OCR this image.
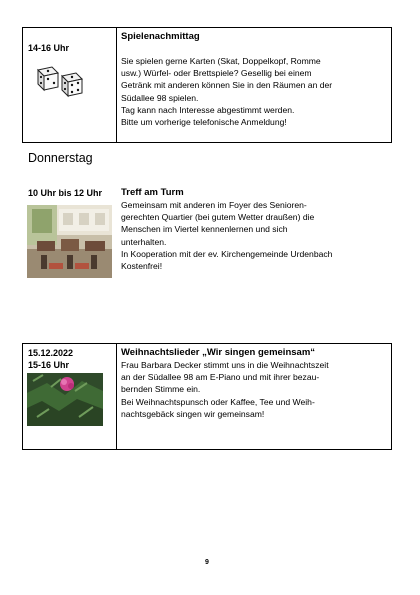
14-16 Uhr
Spielenachmittag
Sie spielen gerne Karten (Skat, Doppelkopf, Romme
usw.) Würfel- oder Brettspiele? Gesellig bei einem
Getränk mit anderen können Sie in den Räumen an der
Südallee 98 spielen.
Tag kann nach Interesse abgestimmt werden.
Bitte um vorherige telefonische Anmeldung!
Donnerstag
10 Uhr bis 12 Uhr Treff am Turm
Gemeinsam mit anderen im Foyer des Senioren-
gerechten Quartier (bei gutem Wetter draußen) die
Menschen im Viertel kennenlernen und sich
unterhalten.
In Kooperation mit der ev. Kirchengemeinde Urdenbach
Kostenfrei!
15.12.2022
15-16 Uhr
Weihnachtslieder „Wir singen gemeinsam“
Frau Barbara Decker stimmt uns in die Weihnachtszeit
an der Südallee 98 am E-Piano und mit ihrer bezau-
bernden Stimme ein.
Bei Weihnachtspunsch oder Kaffee, Tee und Weih-
nachtsgebäck singen wir gemeinsam!
9
